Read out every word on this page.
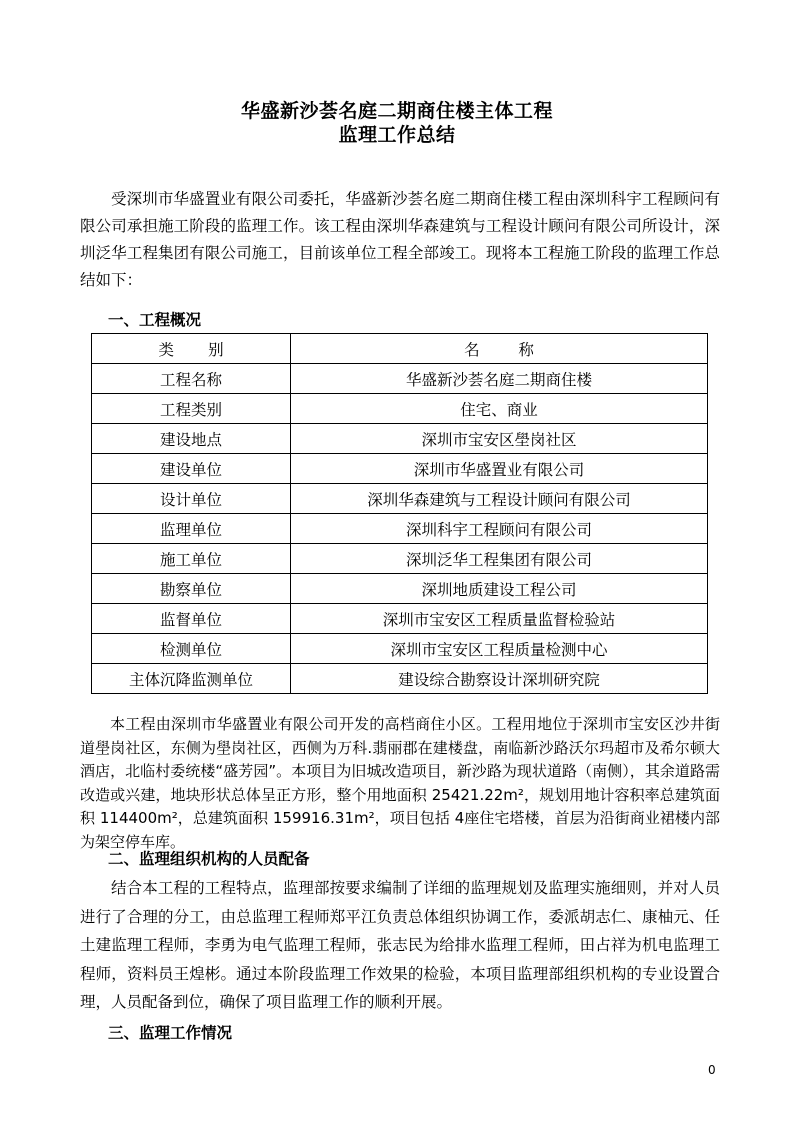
华盛新沙荟名庭二期商住楼主体工程
监理工作总结

受深圳市华盛置业有限公司委托，华盛新沙荟名庭二期商住楼工程由深圳科宇工程顾问有限公司承担施工阶段的监理工作。该工程由深圳华森建筑与工程设计顾问有限公司所设计，深圳泛华工程集团有限公司施工，目前该单位工程全部竣工。现将本工程施工阶段的监理工作总结如下：

一、工程概况

类别	名称
工程名称	华盛新沙荟名庭二期商住楼
工程类别	住宅、商业
建设地点	深圳市宝安区壆岗社区
建设单位	深圳市华盛置业有限公司
设计单位	深圳华森建筑与工程设计顾问有限公司
监理单位	深圳科宇工程顾问有限公司
施工单位	深圳泛华工程集团有限公司
勘察单位	深圳地质建设工程公司
监督单位	深圳市宝安区工程质量监督检验站
检测单位	深圳市宝安区工程质量检测中心
主体沉降监测单位	建设综合勘察设计深圳研究院

本工程由深圳市华盛置业有限公司开发的高档商住小区。工程用地位于深圳市宝安区沙井街道壆岗社区，东侧为壆岗社区，西侧为万科.翡丽郡在建楼盘，南临新沙路沃尔玛超市及希尔顿大酒店，北临村委统楼“盛芳园”。本项目为旧城改造项目，新沙路为现状道路（南侧），其余道路需改造或兴建，地块形状总体呈正方形，整个用地面积 25421.22m²，规划用地计容积率总建筑面积 114400m²，总建筑面积 159916.31m²，项目包括 4座住宅塔楼，首层为沿街商业裙楼内部为架空停车库。

二、监理组织机构的人员配备

结合本工程的工程特点，监理部按要求编制了详细的监理规划及监理实施细则，并对人员进行了合理的分工，由总监理工程师郑平江负责总体组织协调工作，委派胡志仁、康柚元、任土建监理工程师，李勇为电气监理工程师，张志民为给排水监理工程师，田占祥为机电监理工程师，资料员王煌彬。通过本阶段监理工作效果的检验，本项目监理部组织机构的专业设置合理，人员配备到位，确保了项目监理工作的顺利开展。

三、监理工作情况

0
